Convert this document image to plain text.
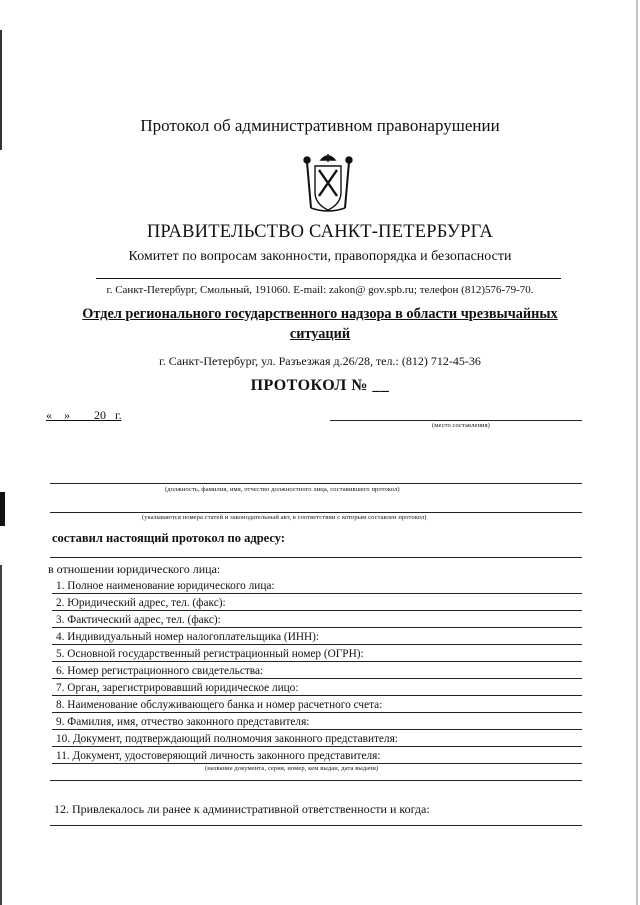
Протокол об административном правонарушении
ПРАВИТЕЛЬСТВО САНКТ-ПЕТЕРБУРГА
Комитет по вопросам законности, правопорядка и безопасности
г. Санкт-Петербург, Смольный, 191060. E-mail: zakon@ gov.spb.ru; телефон (812)576-79-70.
Отдел регионального государственного надзора в области чрезвычайных
ситуаций
г. Санкт-Петербург, ул. Разъезжая д.26/28, тел.: (812) 712-45-36
ПРОТОКОЛ № __
«    »        20   г.
(место составления)
(должность, фамилия, имя, отчество должностного лица, составившего протокол)
(указываются номера статей и законодательный акт, в соответствии с которым составлен протокол)
составил настоящий протокол по адресу:
в отношении юридического лица:
1. Полное наименование юридического лица:
2. Юридический адрес, тел. (факс):
3. Фактический адрес, тел. (факс):
4. Индивидуальный номер налогоплательщика (ИНН):
5. Основной государственный регистрационный номер (ОГРН):
6. Номер регистрационного свидетельства:
7. Орган, зарегистрировавший юридическое лицо:
8. Наименование обслуживающего банка и номер расчетного счета:
9. Фамилия, имя, отчество законного представителя:
10. Документ, подтверждающий полномочия законного представителя:
11. Документ, удостоверяющий личность законного представителя:
(название документа, серия, номер, кем выдан, дата выдачи)
12. Привлекалось ли ранее к административной ответственности и когда:
